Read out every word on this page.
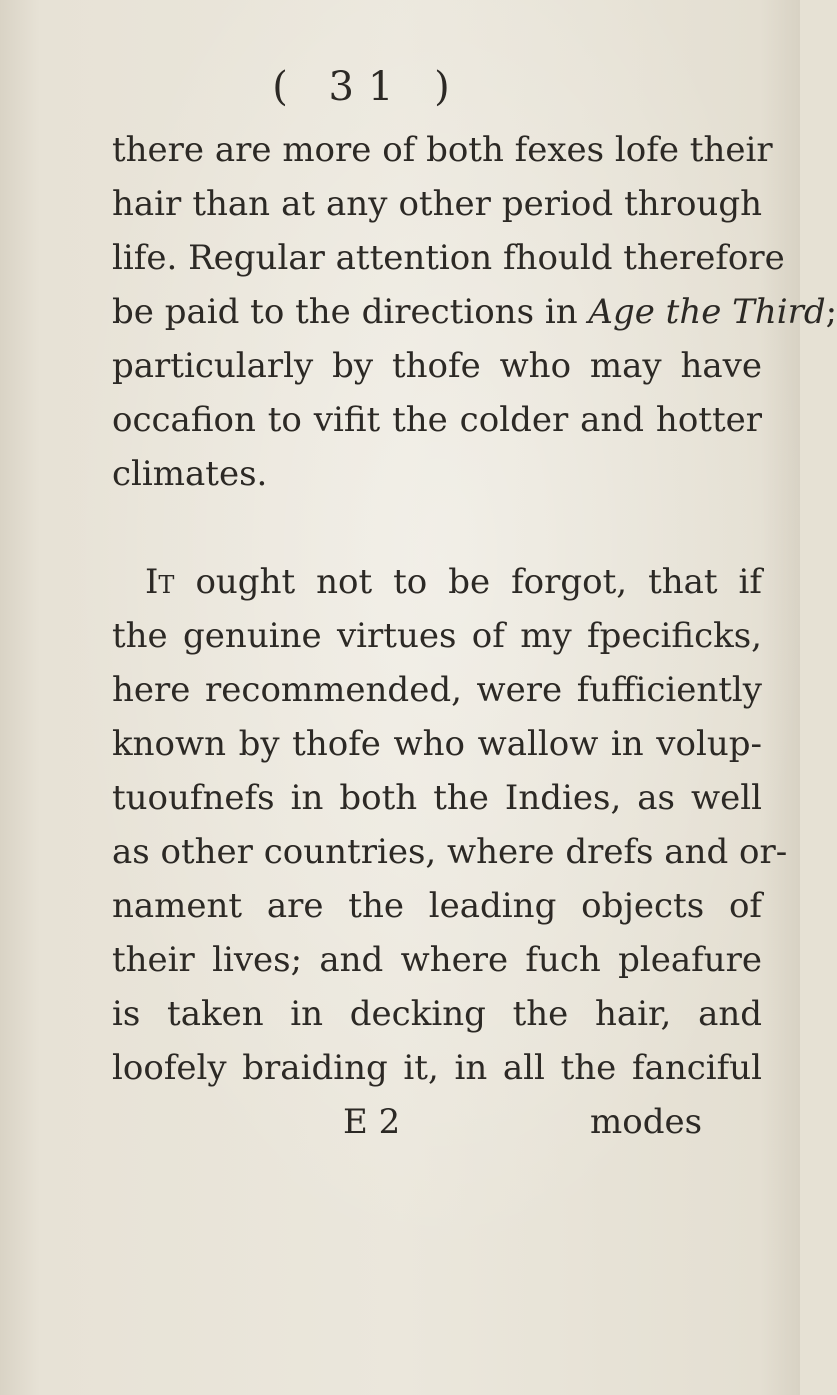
( 31 )
there are more of both fexes lofe their
hair than at any other period through
life. Regular attention fhould therefore
be paid to the directions in Age the Third;
particularly by thofe who may have
occafion to vifit the colder and hotter
climates.
It ought not to be forgot, that if
the genuine virtues of my fpecificks,
here recommended, were fufficiently
known by thofe who wallow in volup-
tuoufnefs in both the Indies, as well
as other countries, where drefs and or-
nament are the leading objects of
their lives; and where fuch pleafure
is taken in decking the hair, and
loofely braiding it, in all the fanciful
E 2	modes
